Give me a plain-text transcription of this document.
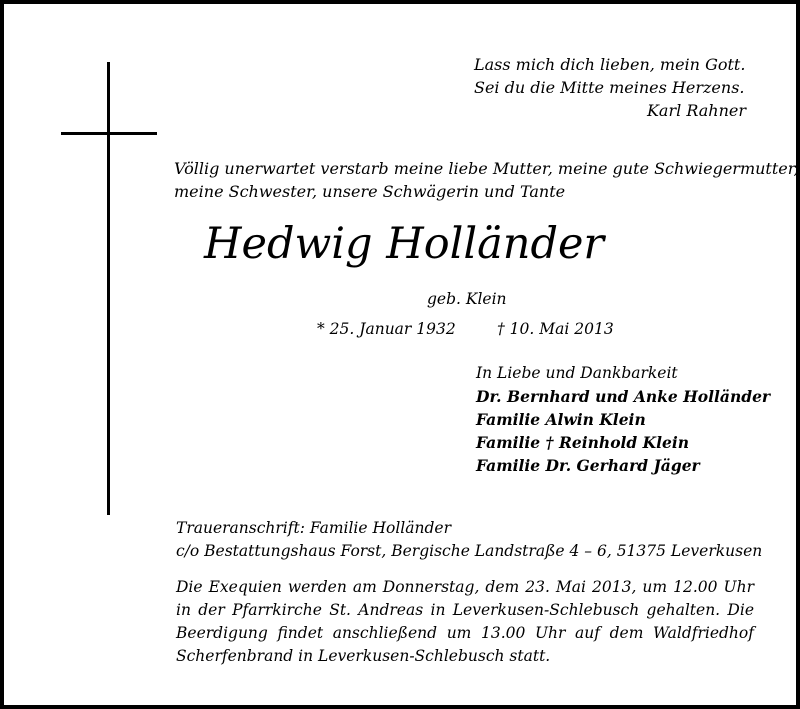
Lass mich dich lieben, mein Gott.
Sei du die Mitte meines Herzens.
Karl Rahner
Völlig unerwartet verstarb meine liebe Mutter, meine gute Schwiegermutter,
meine Schwester, unsere Schwägerin und Tante
Hedwig Holländer
geb. Klein
* 25. Januar 1932	† 10. Mai 2013
In Liebe und Dankbarkeit
Dr. Bernhard und Anke Holländer
Familie Alwin Klein
Familie † Reinhold Klein
Familie Dr. Gerhard Jäger
Traueranschrift: Familie Holländer
c/o Bestattungshaus Forst, Bergische Landstraße 4 – 6, 51375 Leverkusen
Die Exequien werden am Donnerstag, dem 23. Mai 2013, um 12.00 Uhr in der Pfarrkirche St. Andreas in Leverkusen-Schlebusch gehalten. Die Beerdigung findet anschließend um 13.00 Uhr auf dem Waldfriedhof Scherfenbrand in Leverkusen-Schlebusch statt.
